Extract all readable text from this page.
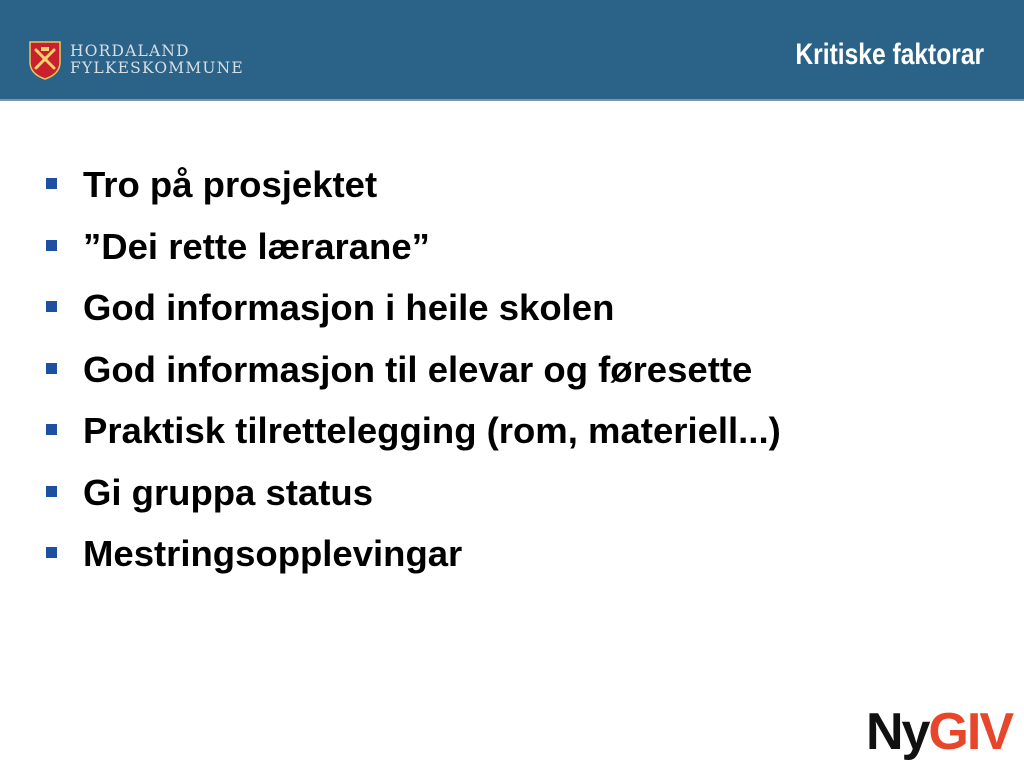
HORDALAND
FYLKESKOMMUNE	Kritiske faktorar
Tro på prosjektet
”Dei rette lærarane”
God informasjon i heile skolen
God informasjon til elevar og føresette
Praktisk tilrettelegging (rom, materiell...)
Gi gruppa status
Mestringsopplevingar
NyGIV
